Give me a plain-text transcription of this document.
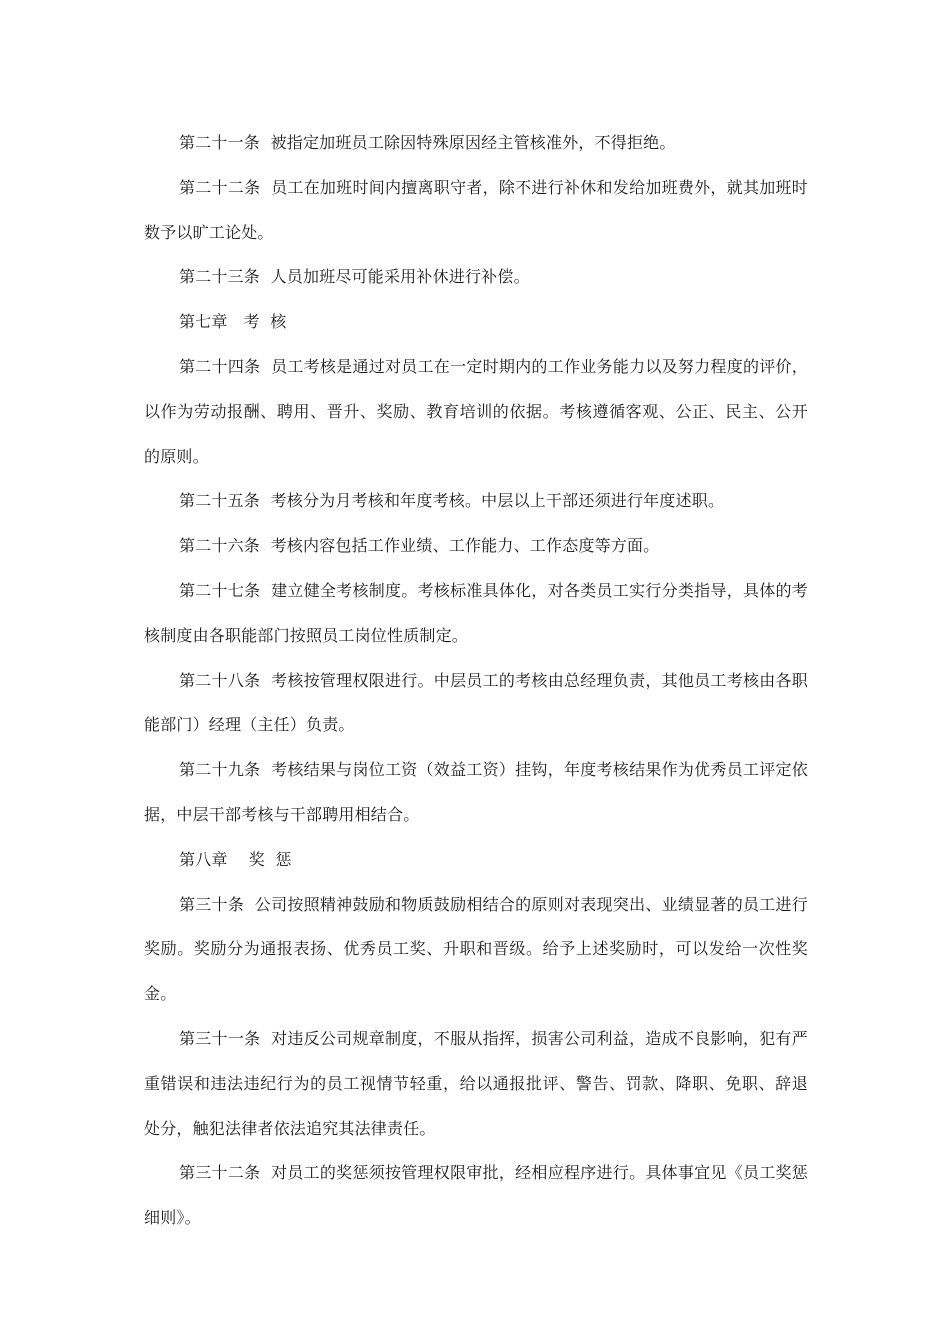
第二十一条  被指定加班员工除因特殊原因经主管核准外，不得拒绝。

第二十二条  员工在加班时间内擅离职守者，除不进行补休和发给加班费外，就其加班时数予以旷工论处。

第二十三条  人员加班尽可能采用补休进行补偿。

第七章   考  核

第二十四条  员工考核是通过对员工在一定时期内的工作业务能力以及努力程度的评价，以作为劳动报酬、聘用、晋升、奖励、教育培训的依据。考核遵循客观、公正、民主、公开的原则。

第二十五条  考核分为月考核和年度考核。中层以上干部还须进行年度述职。

第二十六条  考核内容包括工作业绩、工作能力、工作态度等方面。

第二十七条  建立健全考核制度。考核标准具体化，对各类员工实行分类指导，具体的考核制度由各职能部门按照员工岗位性质制定。

第二十八条  考核按管理权限进行。中层员工的考核由总经理负责，其他员工考核由各职能部门）经理（主任）负责。

第二十九条  考核结果与岗位工资（效益工资）挂钩，年度考核结果作为优秀员工评定依据，中层干部考核与干部聘用相结合。

第八章    奖  惩

第三十条  公司按照精神鼓励和物质鼓励相结合的原则对表现突出、业绩显著的员工进行奖励。奖励分为通报表扬、优秀员工奖、升职和晋级。给予上述奖励时，可以发给一次性奖金。

第三十一条  对违反公司规章制度，不服从指挥，损害公司利益，造成不良影响，犯有严重错误和违法违纪行为的员工视情节轻重，给以通报批评、警告、罚款、降职、免职、辞退处分，触犯法律者依法追究其法律责任。

第三十二条  对员工的奖惩须按管理权限审批，经相应程序进行。具体事宜见《员工奖惩细则》。
